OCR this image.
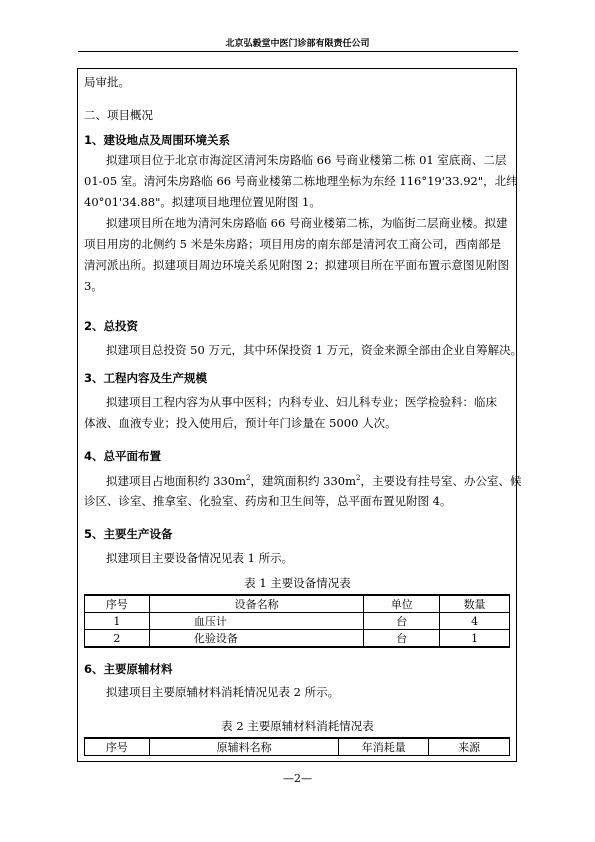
北京弘毅堂中医门诊部有限责任公司
局审批。
二、项目概况
1、建设地点及周围环境关系
拟建项目位于北京市海淀区清河朱房路临 66 号商业楼第二栋 01 室底商、二层
01-05 室。清河朱房路临 66 号商业楼第二栋地理坐标为东经 116°19'33.92"，北纬
40°01'34.88"。拟建项目地理位置见附图 1。
拟建项目所在地为清河朱房路临 66 号商业楼第二栋，为临街二层商业楼。拟建
项目用房的北侧约 5 米是朱房路；项目用房的南东部是清河农工商公司，西南部是
清河派出所。拟建项目周边环境关系见附图 2；拟建项目所在平面布置示意图见附图
3。
2、总投资
拟建项目总投资 50 万元，其中环保投资 1 万元，资金来源全部由企业自筹解决。
3、工程内容及生产规模
拟建项目工程内容为从事中医科；内科专业、妇儿科专业；医学检验科：临床
体液、血液专业；投入使用后，预计年门诊量在 5000 人次。
4、总平面布置
拟建项目占地面积约 $330m^2$，建筑面积约 $330m^2$，主要设有挂号室、办公室、候
诊区、诊室、推拿室、化验室、药房和卫生间等，总平面布置见附图 4。
5、主要生产设备
拟建项目主要设备情况见表 1 所示。
表 1 主要设备情况表
序号	设备名称	单位	数量
1	血压计	台	4
2	化验设备	台	1
6、主要原辅材料
拟建项目主要原辅材料消耗情况见表 2 所示。
表 2 主要原辅材料消耗情况表
序号	原辅料名称	年消耗量	来源
—2—
